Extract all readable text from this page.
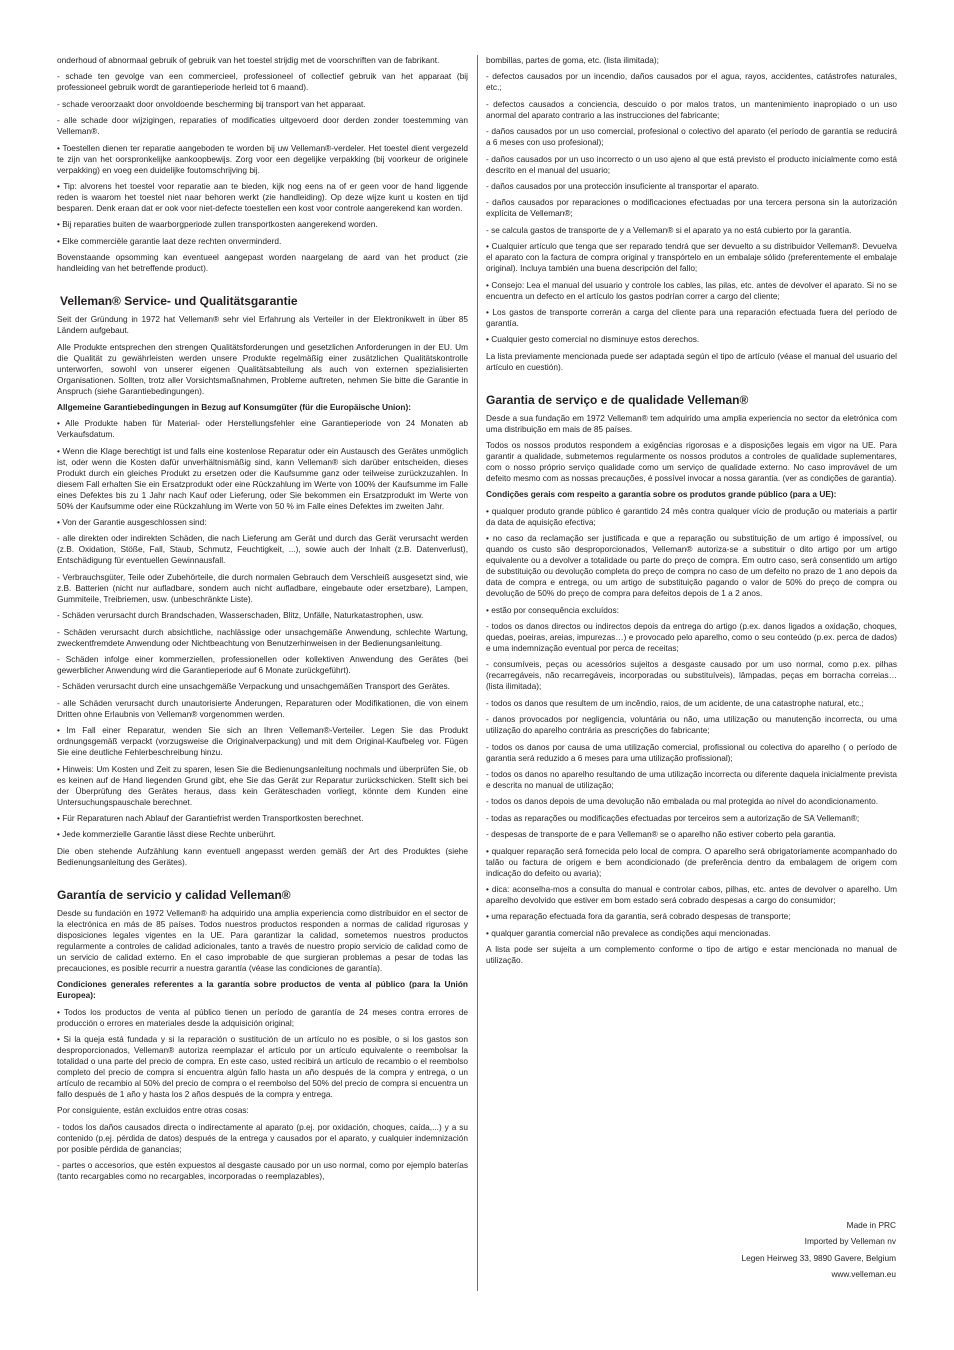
onderhoud of abnormaal gebruik of gebruik van het toestel strijdig met de voorschriften van de fabrikant.

- schade ten gevolge van een commercieel, professioneel of collectief gebruik van het apparaat (bij professioneel gebruik wordt de garantieperiode herleid tot 6 maand).

- schade veroorzaakt door onvoldoende bescherming bij transport van het apparaat.

- alle schade door wijzigingen, reparaties of modificaties uitgevoerd door derden zonder toestemming van Velleman®.

• Toestellen dienen ter reparatie aangeboden te worden bij uw Velleman®-verdeler. Het toestel dient vergezeld te zijn van het oorspronkelijke aankoopbewijs. Zorg voor een degelijke verpakking (bij voorkeur de originele verpakking) en voeg een duidelijke foutomschrijving bij.

• Tip: alvorens het toestel voor reparatie aan te bieden, kijk nog eens na of er geen voor de hand liggende reden is waarom het toestel niet naar behoren werkt (zie handleiding). Op deze wijze kunt u kosten en tijd besparen. Denk eraan dat er ook voor niet-defecte toestellen een kost voor controle aangerekend kan worden.

• Bij reparaties buiten de waarborgperiode zullen transportkosten aangerekend worden.

• Elke commerciële garantie laat deze rechten onverminderd.

Bovenstaande opsomming kan eventueel aangepast worden naargelang de aard van het product (zie handleiding van het betreffende product).

Velleman® Service- und Qualitätsgarantie

Seit der Gründung in 1972 hat Velleman® sehr viel Erfahrung als Verteiler in der Elektronikwelt in über 85 Ländern aufgebaut.

Alle Produkte entsprechen den strengen Qualitätsforderungen und gesetzlichen Anforderungen in der EU. Um die Qualität zu gewährleisten werden unsere Produkte regelmäßig einer zusätzlichen Qualitätskontrolle unterworfen, sowohl von unserer eigenen Qualitätsabteilung als auch von externen spezialisierten Organisationen. Sollten, trotz aller Vorsichtsmaßnahmen, Probleme auftreten, nehmen Sie bitte die Garantie in Anspruch (siehe Garantiebedingungen).

Allgemeine Garantiebedingungen in Bezug auf Konsumgüter (für die Europäische Union):

• Alle Produkte haben für Material- oder Herstellungsfehler eine Garantieperiode von 24 Monaten ab Verkaufsdatum.

• Wenn die Klage berechtigt ist und falls eine kostenlose Reparatur oder ein Austausch des Gerätes unmöglich ist, oder wenn die Kosten dafür unverhältnismäßig sind, kann Velleman® sich darüber entscheiden, dieses Produkt durch ein gleiches Produkt zu ersetzen oder die Kaufsumme ganz oder teilweise zurückzuzahlen. In diesem Fall erhalten Sie ein Ersatzprodukt oder eine Rückzahlung im Werte von 100% der Kaufsumme im Falle eines Defektes bis zu 1 Jahr nach Kauf oder Lieferung, oder Sie bekommen ein Ersatzprodukt im Werte von 50% der Kaufsumme oder eine Rückzahlung im Werte von 50 % im Falle eines Defektes im zweiten Jahr.

• Von der Garantie ausgeschlossen sind:

- alle direkten oder indirekten Schäden, die nach Lieferung am Gerät und durch das Gerät verursacht werden (z.B. Oxidation, Stöße, Fall, Staub, Schmutz, Feuchtigkeit, ...), sowie auch der Inhalt (z.B. Datenverlust), Entschädigung für eventuellen Gewinnausfall.

- Verbrauchsgüter, Teile oder Zubehörteile, die durch normalen Gebrauch dem Verschleiß ausgesetzt sind, wie z.B. Batterien (nicht nur aufladbare, sondern auch nicht aufladbare, eingebaute oder ersetzbare), Lampen, Gummiteile, Treibriemen, usw. (unbeschränkte Liste).

- Schäden verursacht durch Brandschaden, Wasserschaden, Blitz, Unfälle, Naturkatastrophen, usw.

- Schäden verursacht durch absichtliche, nachlässige oder unsachgemäße Anwendung, schlechte Wartung, zweckentfremdete Anwendung oder Nichtbeachtung von Benutzerhinweisen in der Bedienungsanleitung.

- Schäden infolge einer kommerziellen, professionellen oder kollektiven Anwendung des Gerätes (bei gewerblicher Anwendung wird die Garantieperiode auf 6 Monate zurückgeführt).

- Schäden verursacht durch eine unsachgemäße Verpackung und unsachgemäßen Transport des Gerätes.

- alle Schäden verursacht durch unautorisierte Änderungen, Reparaturen oder Modifikationen, die von einem Dritten ohne Erlaubnis von Velleman® vorgenommen werden.

• Im Fall einer Reparatur, wenden Sie sich an Ihren Velleman®-Verteiler. Legen Sie das Produkt ordnungsgemäß verpackt (vorzugsweise die Originalverpackung) und mit dem Original-Kaufbeleg vor. Fügen Sie eine deutliche Fehlerbeschreibung hinzu.

• Hinweis: Um Kosten und Zeit zu sparen, lesen Sie die Bedienungsanleitung nochmals und überprüfen Sie, ob es keinen auf de Hand liegenden Grund gibt, ehe Sie das Gerät zur Reparatur zurückschicken. Stellt sich bei der Überprüfung des Gerätes heraus, dass kein Geräteschaden vorliegt, könnte dem Kunden eine Untersuchungspauschale berechnet.

• Für Reparaturen nach Ablauf der Garantiefrist werden Transportkosten berechnet.

• Jede kommerzielle Garantie lässt diese Rechte unberührt.

Die oben stehende Aufzählung kann eventuell angepasst werden gemäß der Art des Produktes (siehe Bedienungsanleitung des Gerätes).

Garantía de servicio y calidad Velleman®

Desde su fundación en 1972 Velleman® ha adquirido una amplia experiencia como distribuidor en el sector de la electrónica en más de 85 países. Todos nuestros productos responden a normas de calidad rigurosas y disposiciones legales vigentes en la UE. Para garantizar la calidad, sometemos nuestros productos regularmente a controles de calidad adicionales, tanto a través de nuestro propio servicio de calidad como de un servicio de calidad externo. En el caso improbable de que surgieran problemas a pesar de todas las precauciones, es posible recurrir a nuestra garantía (véase las condiciones de garantía).

Condiciones generales referentes a la garantía sobre productos de venta al público (para la Unión Europea):

• Todos los productos de venta al público tienen un período de garantía de 24 meses contra errores de producción o errores en materiales desde la adquisición original;

• Si la queja está fundada y si la reparación o sustitución de un artículo no es posible, o si los gastos son desproporcionados, Velleman® autoriza reemplazar el artículo por un artículo equivalente o reembolsar la totalidad o una parte del precio de compra. En este caso, usted recibirá un artículo de recambio o el reembolso completo del precio de compra si encuentra algún fallo hasta un año después de la compra y entrega, o un artículo de recambio al 50% del precio de compra o el reembolso del 50% del precio de compra si encuentra un fallo después de 1 año y hasta los 2 años después de la compra y entrega.

Por consiguiente, están excluidos entre otras cosas:

- todos los daños causados directa o indirectamente al aparato (p.ej. por oxidación, choques, caída,...) y a su contenido (p.ej. pérdida de datos) después de la entrega y causados por el aparato, y cualquier indemnización por posible pérdida de ganancias;

- partes o accesorios, que estén expuestos al desgaste causado por un uso normal, como por ejemplo baterías (tanto recargables como no recargables, incorporadas o reemplazables),

bombillas, partes de goma, etc. (lista ilimitada);

- defectos causados por un incendio, daños causados por el agua, rayos, accidentes, catástrofes naturales, etc.;

- defectos causados a conciencia, descuido o por malos tratos, un mantenimiento inapropiado o un uso anormal del aparato contrario a las instrucciones del fabricante;

- daños causados por un uso comercial, profesional o colectivo del aparato (el período de garantía se reducirá a 6 meses con uso profesional);

- daños causados por un uso incorrecto o un uso ajeno al que está previsto el producto inicialmente como está descrito en el manual del usuario;

- daños causados por una protección insuficiente al transportar el aparato.

- daños causados por reparaciones o modificaciones efectuadas por una tercera persona sin la autorización explícita de Velleman®;

- se calcula gastos de transporte de y a Velleman® si el aparato ya no está cubierto por la garantía.

• Cualquier artículo que tenga que ser reparado tendrá que ser devuelto a su distribuidor Velleman®. Devuelva el aparato con la factura de compra original y transpórtelo en un embalaje sólido (preferentemente el embalaje original). Incluya también una buena descripción del fallo;

• Consejo: Lea el manual del usuario y controle los cables, las pilas, etc. antes de devolver el aparato. Si no se encuentra un defecto en el artículo los gastos podrían correr a cargo del cliente;

• Los gastos de transporte correrán a carga del cliente para una reparación efectuada fuera del período de garantía.

• Cualquier gesto comercial no disminuye estos derechos.

La lista previamente mencionada puede ser adaptada según el tipo de artículo (véase el manual del usuario del artículo en cuestión).

Garantia de serviço e de qualidade Velleman®

Desde a sua fundação em 1972 Velleman® tem adquirido uma amplia experiencia no sector da eletrónica com uma distribuição em mais de 85 países.

Todos os nossos produtos respondem a exigências rigorosas e a disposições legais em vigor na UE. Para garantir a qualidade, submetemos regularmente os nossos produtos a controles de qualidade suplementares, com o nosso próprio serviço qualidade como um serviço de qualidade externo. No caso improvável de um defeito mesmo com as nossas precauções, é possível invocar a nossa garantia. (ver as condições de garantia).

Condições gerais com respeito a garantia sobre os produtos grande público (para a UE):

• qualquer produto grande público é garantido 24 mês contra qualquer vício de produção ou materiais a partir da data de aquisição efectiva;

• no caso da reclamação ser justificada e que a reparação ou substituição de um artigo é impossível, ou quando os custo são desproporcionados, Velleman® autoriza-se a substituir o dito artigo por um artigo equivalente ou a devolver a totalidade ou parte do preço de compra. Em outro caso, será consentido um artigo de substituição ou devolução completa do preço de compra no caso de um defeito no prazo de 1 ano depois da data de compra e entrega, ou um artigo de substituição pagando o valor de 50% do preço de compra ou devolução de 50% do preço de compra para defeitos depois de 1 a 2 anos.

• estão por consequência excluídos:

- todos os danos directos ou indirectos depois da entrega do artigo (p.ex. danos ligados a oxidação, choques, quedas, poeiras, areias, impurezas…) e provocado pelo aparelho, como o seu conteúdo (p.ex. perca de dados) e uma indemnização eventual por perca de receitas;

- consumíveis, peças ou acessórios sujeitos a desgaste causado por um uso normal, como p.ex. pilhas (recarregáveis, não recarregáveis, incorporadas ou substituíveis), lâmpadas, peças em borracha correias… (lista ilimitada);

- todos os danos que resultem de um incêndio, raios, de um acidente, de una catastrophe natural, etc.;

- danos provocados por negligencia, voluntária ou não, uma utilização ou manutenção incorrecta, ou uma utilização do aparelho contrária as prescrições do fabricante;

- todos os danos por causa de uma utilização comercial, profissional ou colectiva do aparelho ( o período de garantia será reduzido a 6 meses para uma utilização profissional);

- todos os danos no aparelho resultando de uma utilização incorrecta ou diferente daquela inicialmente prevista e descrita no manual de utilização;

- todos os danos depois de uma devolução não embalada ou mal protegida ao nível do acondicionamento.

- todas as reparações ou modificações efectuadas por terceiros sem a autorização de SA Velleman®;

- despesas de transporte de e para Velleman® se o aparelho não estiver coberto pela garantia.

• qualquer reparação será fornecida pelo local de compra. O aparelho será obrigatoriamente acompanhado do talão ou factura de origem e bem acondicionado (de preferência dentro da embalagem de origem com indicação do defeito ou avaria);

• dica: aconselha-mos a consulta do manual e controlar cabos, pilhas, etc. antes de devolver o aparelho. Um aparelho devolvido que estiver em bom estado será cobrado despesas a cargo do consumidor;

• uma reparação efectuada fora da garantia, será cobrado despesas de transporte;

• qualquer garantia comercial não prevalece as condições aqui mencionadas.

A lista pode ser sujeita a um complemento conforme o tipo de artigo e estar mencionada no manual de utilização.

Made in PRC
Imported by Velleman nv
Legen Heirweg 33, 9890 Gavere, Belgium
www.velleman.eu
